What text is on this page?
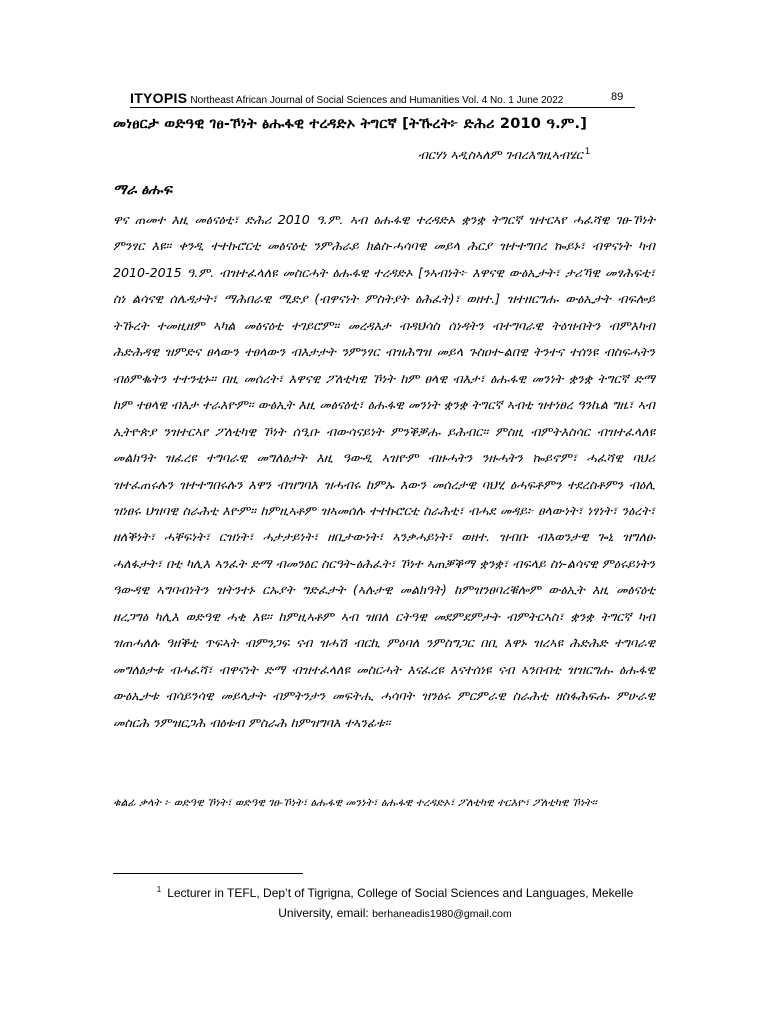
ITYOPIS Northeast African Journal of Social Sciences and Humanities Vol. 4 No. 1 June 2022	89
መነፀርታ ወድዓዊ ገፀ-ኾነት ፅሑፋዊ ተረዳድኦ ትግርኛ [ትኹረት፦ ድሕሪ 2010 ዓ.ም.]
ብርሃነ ኣዲስኣለም ገብረእግዚኣብሄር $^1$
ማራ ፅሑፍ
ዋና ጠመተ እዚ መፅናዕቲ፣ ድሕሪ 2010 ዓ.ም. ኣብ ፅሑፋዊ ተረዳድኦ ቋንቋ ትግርኛ ዝተርኣየ ሓፈሻዊ ገፀ-ኾነት ምንፃር እዩ። ቀንዲ ተተኩሮርቲ መፅናዕቲ ንምሕራይ ክልስ-ሓሳባዊ መይላ ሕርያ ዝተተግበረ ኰይኑ፣ ብዋናነት ካብ 2010-2015 ዓ.ም. ብዝተፈላለዩ መስርሓት ፅሑፋዊ ተረዳድኦ [ንኣብነት፦ እዋናዊ ውፅኢታት፣ ታሪኻዊ መፃሕፍቲ፣ ስነ ልሳናዊ ሰሌዳታት፣ ማሕበራዊ ሚድያ (ብዋናነት ምስትያት ፅሕፈት)፣ ወዘተ.] ዝተዘርግሑ ውፅኢታት ብፍሎይ ትኹረት ተመዚዘም ኣካል መፅናዕቲ ተገይሮም። መረዳእታ ብዳህሳስ ሰነዳትን ብተግባራዊ ትዕዝብትን ብምእካብ ሕድሕዳዊ ዝምድና ፀላውን ተፀላውን ብእታታት ንምንፃር ብዝሕግዝ መይላ ጉስዐተ-ልበዊ ትንተና ተሰንዩ ብስፍሓትን ብዕምቈትን ተተንቲኑ። በዚ መሰረት፣ እዋናዊ ፖለቲካዊ ኾነት ከም ፀላዊ ብእታ፣ ፅሑፋዊ መንነት ቋንቋ ትግርኛ ድማ ከም ተፀላዊ ብእታ ተራእዮም። ውፅኢት እዚ መፅናዕቲ፣ ፅሑፋዊ መንነት ቋንቋ ትግርኛ ኣብቲ ዝተነፀረ ዓንኬል ግዜ፣ ኣብ ኢትዮጵያ ንዝተርኣየ ፖለቲካዊ ኾነት ሰዒቡ ብውሳናይነት ምንቕቓሑ ይሕብር። ምስዚ ብምትእስሳር ብዝተፈላለዩ መልክዓት ዝፈረዩ ተግባራዊ መግለፅታት እዚ ዓውዲ ኣዝዮም ብዙሓትን ንዙሓትን ኰይኖም፣ ሓፈሻዊ ባህሪ ዝተፈጠሩሉን ዝተተግበሩሉን እዋን ብዝግባእ ዝሓብሩ ከምኡ እውን መሰረታዊ ባህሂ ፅሓፍቶምን ተደረስቶምን ብዕሊ ዝነፀሩ ህዝባዊ ስራሕቲ እዮም። ከምዚኣቶም ዝኣመሰሉ ተተኩሮርቲ ስራሕቲ፣ ብሓደ መዳይ፦ ፀላውነት፣ ነፃነት፣ ንፅረት፣ ዘለቕነት፣ ሓቐፍነት፣ ርዝነት፣ ሓታታይነት፣ ዘቢታውነት፣ ኣንቃሓይነት፣ ወዘተ. ዝብቡ ብእወንታዊ ጐኒ ዝግለፁ ሓለፋታት፣ በቲ ካሊእ ኣንፈት ድማ ብመንፅር ስርዓት-ፅሕፈት፣ ኾነተ ኣጠቓቕማ ቋንቋ፣ ብፍላይ ስነ-ልሳናዊ ምዕሩይነትን ዓውዳዊ ኣግባብነትን ዝትንተኑ ርኡያት ግድፈታት (ኣሉታዊ መልክዓት) ከምዝንፀባረቑሎም ውፅኢት እዚ መፅናዕቲ ዘረጋግፅ ካሊእ ወድዓዊ ሓቂ እዩ። ከምዚኣቶም ኣብ ዝበለ ርትዓዊ መደምደምታት ብምትርኣስ፣ ቋንቋ ትግርኛ ካብ ዝጠሓለሉ ዓዘቕቲ ጥፍኣት ብምንጋፍ ናብ ዝሓሽ ብርኪ ምዕባለ ንምስግጋር በቢ እዋኑ ዝረኣዩ ሕድሕድ ተግባራዊ መግለፅታቱ ብሓፈሻ፣ ብዋናነት ድማ ብዝተፈላለዩ መስርሓት እናፈረዩ እናተሰነዩ ናብ ኣንበብቲ ዝዝርግሑ ፅሑፋዊ ውፅኢታቱ ብሳይንሳዊ መይላታት ብምትንታን መፍትሒ ሓሳባት ዝንፅሩ ምርምራዊ ስራሕቲ ዘስፋሕፍሑ ምሁራዊ መስርሕ ንምዝርጋሕ ብዕቱብ ምስራሕ ከምዝግባእ ተኣንፊቱ።
ቁልፊ ቃላት ፦ ወድዓዊ ኾነት፣ ወድዓዊ ገፀ-ኾነት፣ ፅሑፋዊ መንነት፣ ፅሑፋዊ ተረዳድኦ፣ ፖለቲካዊ ተርእዮ፣ ፖለቲካዊ ኾነት።
$^1$ Lecturer in TEFL, Dep’t of Tigrigna, College of Social Sciences and Languages, Mekelle University, email: berhaneadis1980@gmail.com
